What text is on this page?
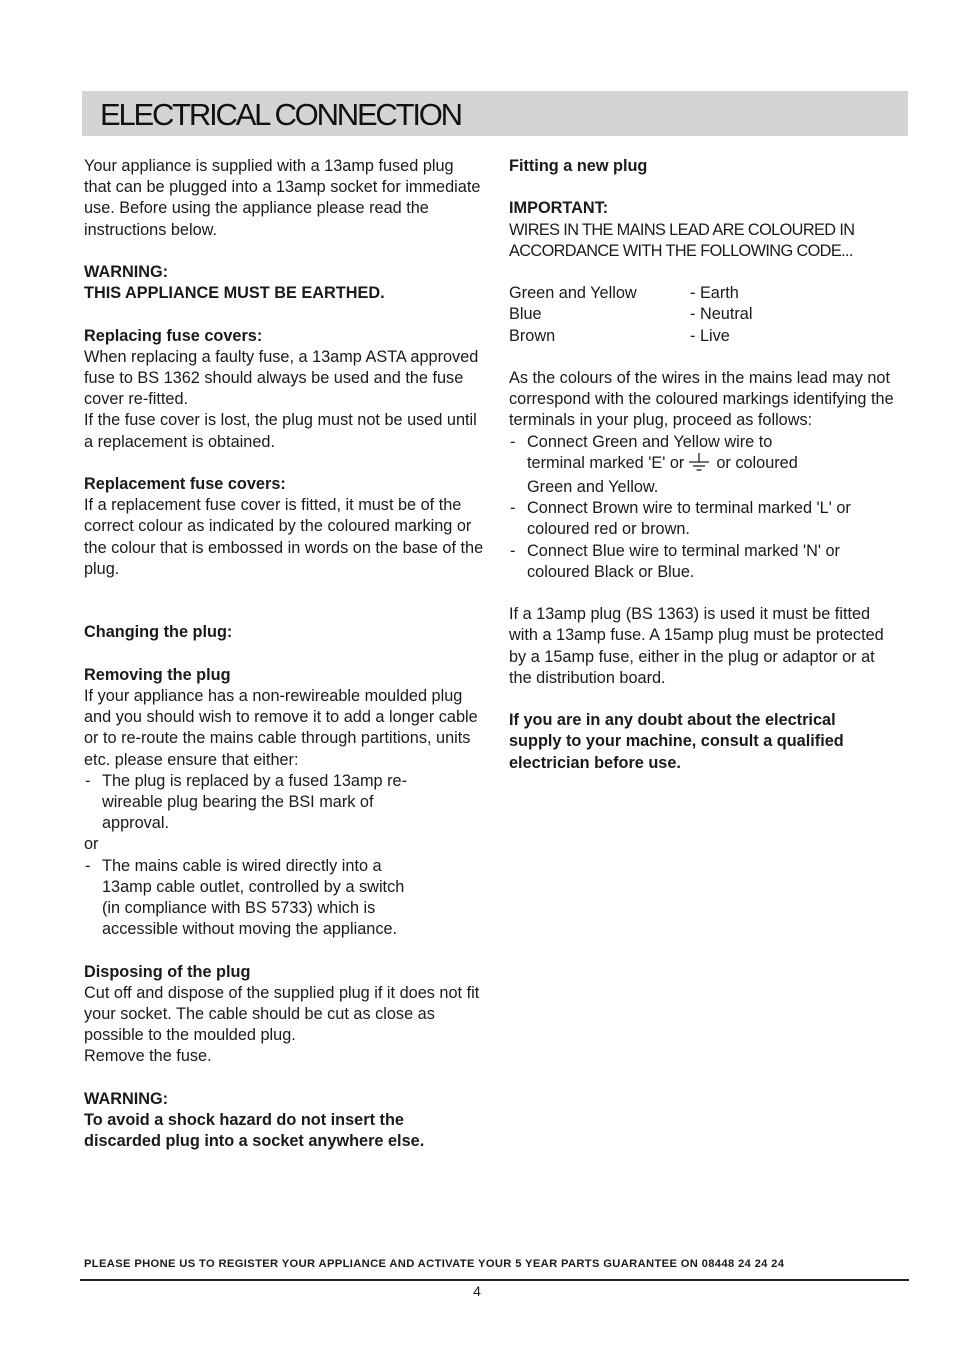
ELECTRICAL CONNECTION

Your appliance is supplied with a 13amp fused plug that can be plugged into a 13amp socket for immediate use. Before using the appliance please read the instructions below.

WARNING:

THIS APPLIANCE MUST BE EARTHED.

Replacing fuse covers:

When replacing a faulty fuse, a 13amp ASTA approved fuse to BS 1362 should always be used and the fuse cover re-fitted.

If the fuse cover is lost, the plug must not be used until a replacement is obtained.

Replacement fuse covers:

If a replacement fuse cover is fitted, it must be of the correct colour as indicated by the coloured marking or the colour that is embossed in words on the base of the plug.

Changing the plug:

Removing the plug

If your appliance has a non-rewireable moulded plug and you should wish to remove it to add a longer cable or to re-route the mains cable through partitions, units etc. please ensure that either:

- The plug is replaced by a fused 13amp re-wireable plug bearing the BSI mark of approval.

or

- The mains cable is wired directly into a 13amp cable outlet, controlled by a switch (in compliance with BS 5733) which is accessible without moving the appliance.

Disposing of the plug

Cut off and dispose of the supplied plug if it does not fit your socket. The cable should be cut as close as possible to the moulded plug.

Remove the fuse.

WARNING:

To avoid a shock hazard do not insert the discarded plug into a socket anywhere else.

Fitting a new plug

IMPORTANT:

WIRES IN THE MAINS LEAD ARE COLOURED IN ACCORDANCE WITH THE FOLLOWING CODE...

Green and Yellow	- Earth
Blue	- Neutral
Brown	- Live

As the colours of the wires in the mains lead may not correspond with the coloured markings identifying the terminals in your plug, proceed as follows:

- Connect Green and Yellow wire to terminal marked 'E' or or coloured Green and Yellow.
- Connect Brown wire to terminal marked 'L' or coloured red or brown.
- Connect Blue wire to terminal marked 'N' or coloured Black or Blue.

If a 13amp plug (BS 1363) is used it must be fitted with a 13amp fuse. A 15amp plug must be protected by a 15amp fuse, either in the plug or adaptor or at the distribution board.

If you are in any doubt about the electrical supply to your machine, consult a qualified electrician before use.

PLEASE PHONE US TO REGISTER YOUR APPLIANCE AND ACTIVATE YOUR 5 YEAR PARTS GUARANTEE ON 08448 24 24 24
4
